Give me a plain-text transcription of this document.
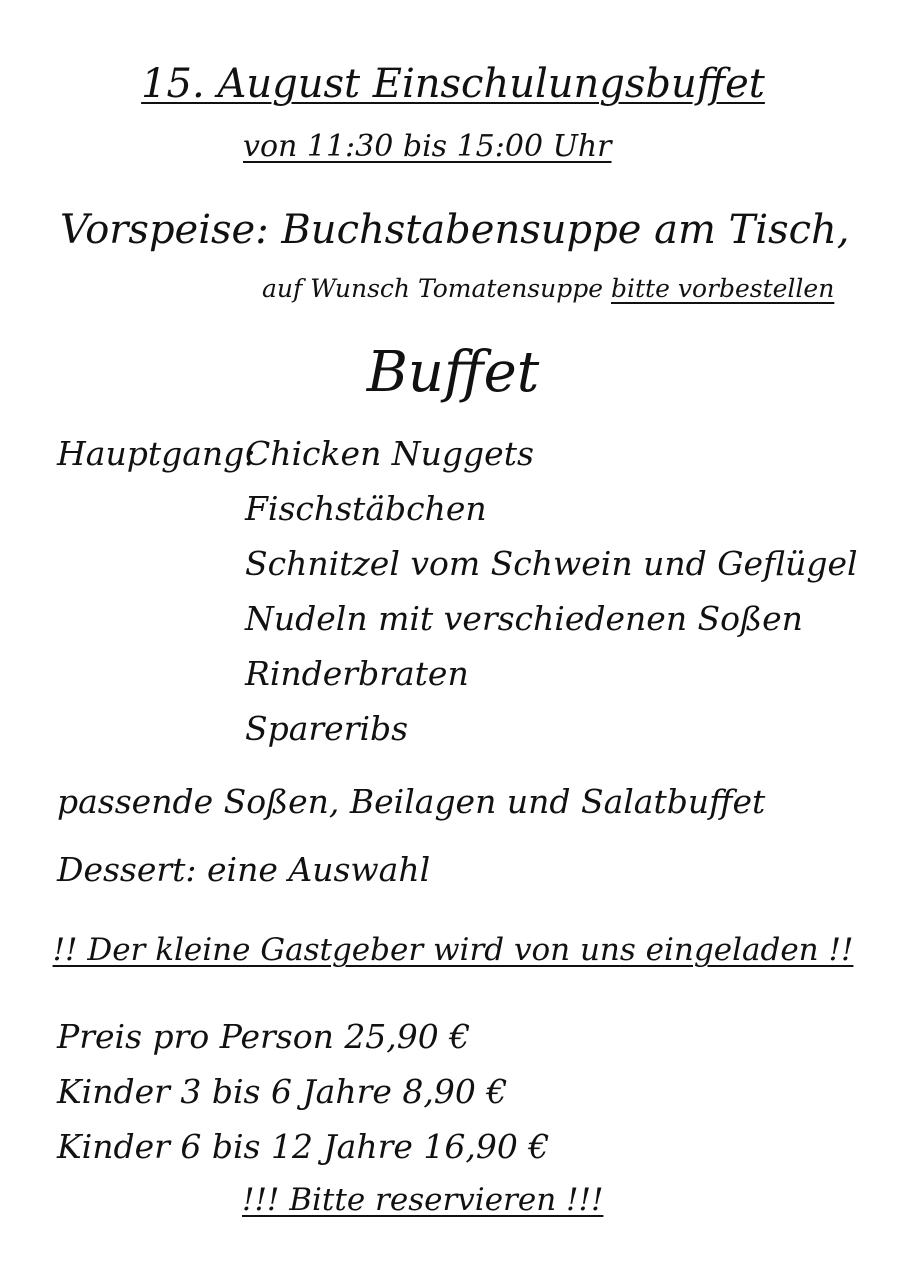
15. August Einschulungsbuffet
von 11:30 bis 15:00 Uhr
Vorspeise: Buchstabensuppe am Tisch,
auf Wunsch Tomatensuppe bitte vorbestellen
Buffet
Hauptgang:
Chicken Nuggets
Fischstäbchen
Schnitzel vom Schwein und Geflügel
Nudeln mit verschiedenen Soßen
Rinderbraten
Spareribs
passende Soßen, Beilagen und Salatbuffet
Dessert: eine Auswahl
!! Der kleine Gastgeber wird von uns eingeladen !!
Preis pro Person 25,90 €
Kinder 3 bis 6 Jahre 8,90 €
Kinder 6 bis 12 Jahre 16,90 €
!!! Bitte reservieren !!!
